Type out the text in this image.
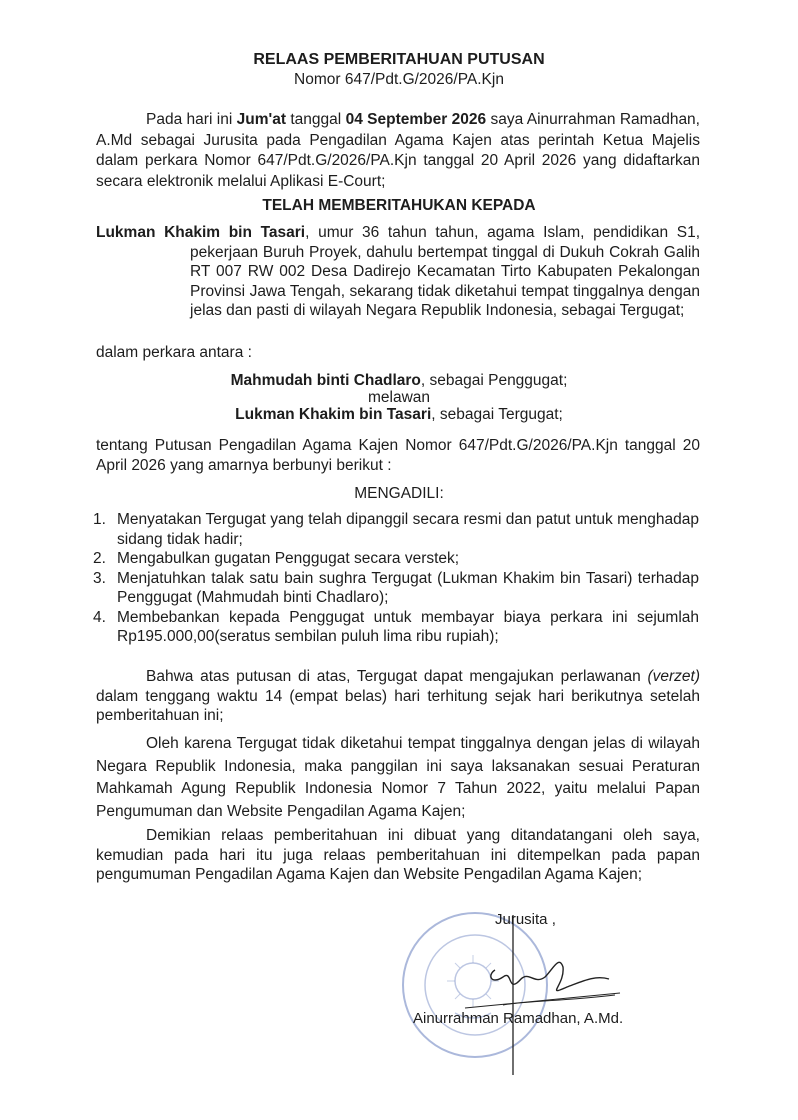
RELAAS PEMBERITAHUAN PUTUSAN
Nomor 647/Pdt.G/2026/PA.Kjn
Pada hari ini Jum'at tanggal 04 September 2026 saya Ainurrahman Ramadhan, A.Md sebagai Jurusita pada Pengadilan Agama Kajen atas perintah Ketua Majelis dalam perkara Nomor 647/Pdt.G/2026/PA.Kjn tanggal 20 April 2026 yang didaftarkan secara elektronik melalui Aplikasi E-Court;
TELAH MEMBERITAHUKAN KEPADA
Lukman Khakim bin Tasari, umur 36 tahun tahun, agama Islam, pendidikan S1, pekerjaan Buruh Proyek, dahulu bertempat tinggal di Dukuh Cokrah Galih RT 007 RW 002 Desa Dadirejo Kecamatan Tirto Kabupaten Pekalongan Provinsi Jawa Tengah, sekarang tidak diketahui tempat tinggalnya dengan jelas dan pasti di wilayah Negara Republik Indonesia, sebagai Tergugat;
dalam perkara antara :
Mahmudah binti Chadlaro, sebagai Penggugat;
melawan
Lukman Khakim bin Tasari, sebagai Tergugat;
tentang Putusan Pengadilan Agama Kajen Nomor 647/Pdt.G/2026/PA.Kjn tanggal 20 April 2026 yang amarnya berbunyi berikut :
MENGADILI:
1. Menyatakan Tergugat yang telah dipanggil secara resmi dan patut untuk menghadap sidang tidak hadir;
2. Mengabulkan gugatan Penggugat secara verstek;
3. Menjatuhkan talak satu bain sughra Tergugat (Lukman Khakim bin Tasari) terhadap Penggugat (Mahmudah binti Chadlaro);
4. Membebankan kepada Penggugat untuk membayar biaya perkara ini sejumlah Rp195.000,00(seratus sembilan puluh lima ribu rupiah);
Bahwa atas putusan di atas, Tergugat dapat mengajukan perlawanan (verzet) dalam tenggang waktu 14 (empat belas) hari terhitung sejak hari berikutnya setelah pemberitahuan ini;
Oleh karena Tergugat tidak diketahui tempat tinggalnya dengan jelas di wilayah Negara Republik Indonesia, maka panggilan ini saya laksanakan sesuai Peraturan Mahkamah Agung Republik Indonesia Nomor 7 Tahun 2022, yaitu melalui Papan Pengumuman dan Website Pengadilan Agama Kajen;
Demikian relaas pemberitahuan ini dibuat yang ditandatangani oleh saya, kemudian pada hari itu juga relaas pemberitahuan ini ditempelkan pada papan pengumuman Pengadilan Agama Kajen dan Website Pengadilan Agama Kajen;
Jurusita ,
Ainurrahman Ramadhan, A.Md.
